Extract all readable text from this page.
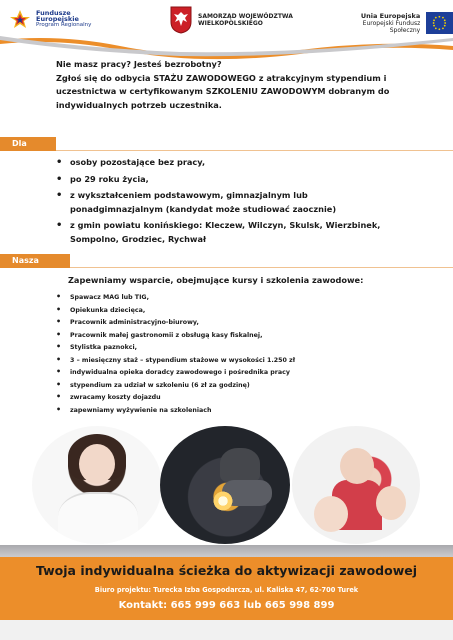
Fundusze
Europejskie
Program Regionalny
SAMORZĄD WOJEWÓDZTWA
WIELKOPOLSKIEGO
Unia Europejska
Europejski Fundusz Społeczny

Nie masz pracy? Jesteś bezrobotny?

Zgłoś się do odbycia STAŻU ZAWODOWEGO z atrakcyjnym stypendium i uczestnictwa w certyfikowanym SZKOLENIU ZAWODOWYM dobranym do indywidualnych potrzeb uczestnika.

Dla kogo?
•	osoby pozostające bez pracy,
• po 29 roku życia,
• z wykształceniem podstawowym, gimnazjalnym lub ponadgimnazjalnym (kandydat może studiować zaocznie)
• z gmin powiatu konińskiego: Kleczew, Wilczyn, Skulsk, Wierzbinek, Sompolno, Grodziec, Rychwał
Nasza oferta:
Zapewniamy wsparcie, obejmujące kursy i szkolenia zawodowe:
• Spawacz MAG lub TIG,
• Opiekunka dziecięca,
• Pracownik administracyjno-biurowy,
• Pracownik małej gastronomii z obsługą kasy fiskalnej,
• Stylistka paznokci,
• 3 – miesięczny staż – stypendium stażowe w wysokości 1.250 zł
• indywidualna opieka doradcy zawodowego i pośrednika pracy
• stypendium za udział w szkoleniu (6 zł za godzinę)
• zwracamy koszty dojazdu
• zapewniamy wyżywienie na szkoleniach
Twoja indywidualna ścieżka do aktywizacji zawodowej
Biuro projektu: Turecka Izba Gospodarcza, ul. Kaliska 47, 62-700 Turek
Kontakt: 665 999 663 lub 665 998 899
